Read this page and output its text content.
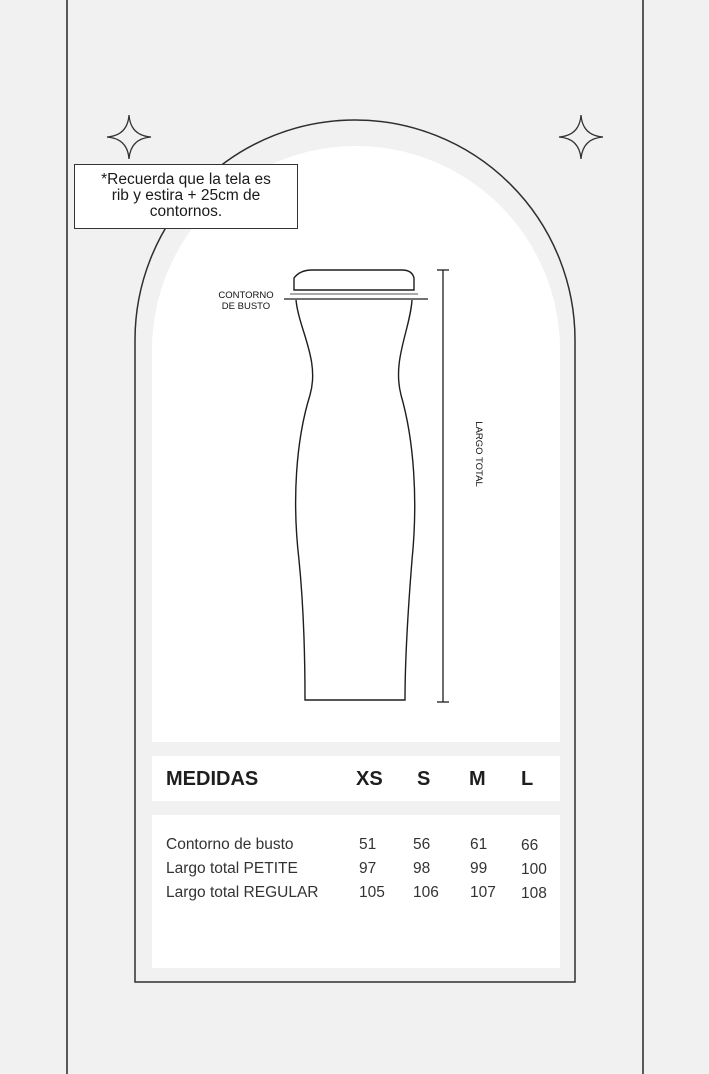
*Recuerda que la tela es
rib y estira + 25cm de
contornos.
CONTORNO
DE BUSTO
LARGO TOTAL
MEDIDAS	XS S M L
Contorno de busto	51 56	61 66
Largo total PETITE	97 98	99 100
Largo total REGULAR	105 106 107 108
